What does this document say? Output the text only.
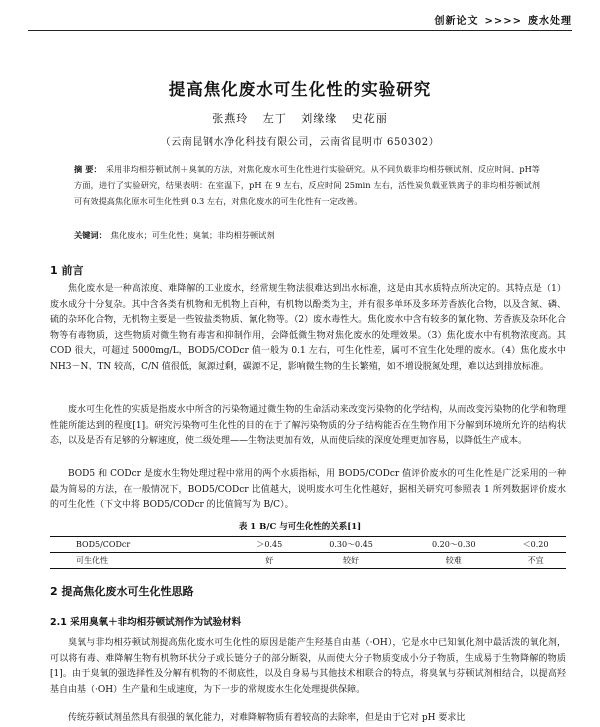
创新论文 >>>> 废水处理
提高焦化废水可生化性的实验研究
张燕玲 左丁 刘缘缘 史花丽
（云南昆钢水净化科技有限公司，云南省昆明市 650302）
摘 要： 采用非均相芬顿试剂＋臭氧的方法，对焦化废水可生化性进行实验研究。从不同负载非均相芬顿试剂、反应时间、pH等方面，进行了实验研究，结果表明：在室温下，pH 在 9 左右，反应时间 25min 左右，活性炭负载亚铁离子的非均相芬顿试剂可有效提高焦化原水可生化性到 0.3 左右，对焦化废水的可生化性有一定改善。
关键词： 焦化废水；可生化性；臭氧；非均相芬顿试剂
1 前言

焦化废水是一种高浓度、难降解的工业废水，经常规生物法很难达到出水标准，这是由其水质特点所决定的。其特点是（1）废水成分十分复杂。其中含各类有机物和无机物上百种，有机物以酚类为主，并有很多单环及多环芳香族化合物，以及含氮、磷、硫的杂环化合物，无机物主要是一些铵盐类物质、氰化物等。（2）废水毒性大。焦化废水中含有较多的氰化物、芳香族及杂环化合物等有毒物质，这些物质对微生物有毒害和抑制作用，会降低微生物对焦化废水的处理效果。（3）焦化废水中有机物浓度高。其 COD 很大，可超过 5000mg/L，BOD5/CODcr 值一般为 0.1 左右，可生化性差，属可不宜生化处理的废水。（4）焦化废水中 NH3－N、TN 较高，C/N 值很低，氮源过剩，碳源不足，影响微生物的生长繁殖，如不增设脱氮处理，难以达到排放标准。

废水可生化性的实质是指废水中所含的污染物通过微生物的生命活动来改变污染物的化学结构，从而改变污染物的化学和物理性能所能达到的程度[1]。研究污染物可生化性的目的在于了解污染物质的分子结构能否在生物作用下分解到环境所允许的结构状态，以及是否有足够的分解速度，使二级处理——生物法更加有效，从而使后续的深度处理更加容易，以降低生产成本。

BOD5 和 CODcr 是废水生物处理过程中常用的两个水质指标，用 BOD5/CODcr 值评价废水的可生化性是广泛采用的一种最为简易的方法，在一般情况下，BOD5/CODcr 比值越大，说明废水可生化性越好，据相关研究可参照表 1 所列数据评价废水的可生化性（下文中将 BOD5/CODcr 的比值简写为 B/C）。

表 1 B/C 与可生化性的关系[1]
BOD5/CODcr	＞0.45	0.30～0.45	0.20～0.30	＜0.20
可生化性	好	较好	较难	不宜
2 提高焦化废水可生化性思路
2.1 采用臭氧＋非均相芬顿试剂作为试验材料

臭氧与非均相芬顿试剂提高焦化废水可生化性的原因是能产生羟基自由基（·OH），它是水中已知氧化剂中最活泼的氧化剂，可以将有毒、难降解生物有机物环状分子或长链分子的部分断裂，从而使大分子物质变成小分子物质，生成易于生物降解的物质[1]。由于臭氧的强选择性及分解有机物的不彻底性，以及自身易与其他技术相联合的特点，将臭氧与芬顿试剂相结合，以提高羟基自由基（·OH）生产量和生成速度，为下一步的常规废水生化处理提供保障。

传统芬顿试剂虽然具有很强的氧化能力，对难降解物质有着较高的去除率，但是由于它对 pH 要求比
